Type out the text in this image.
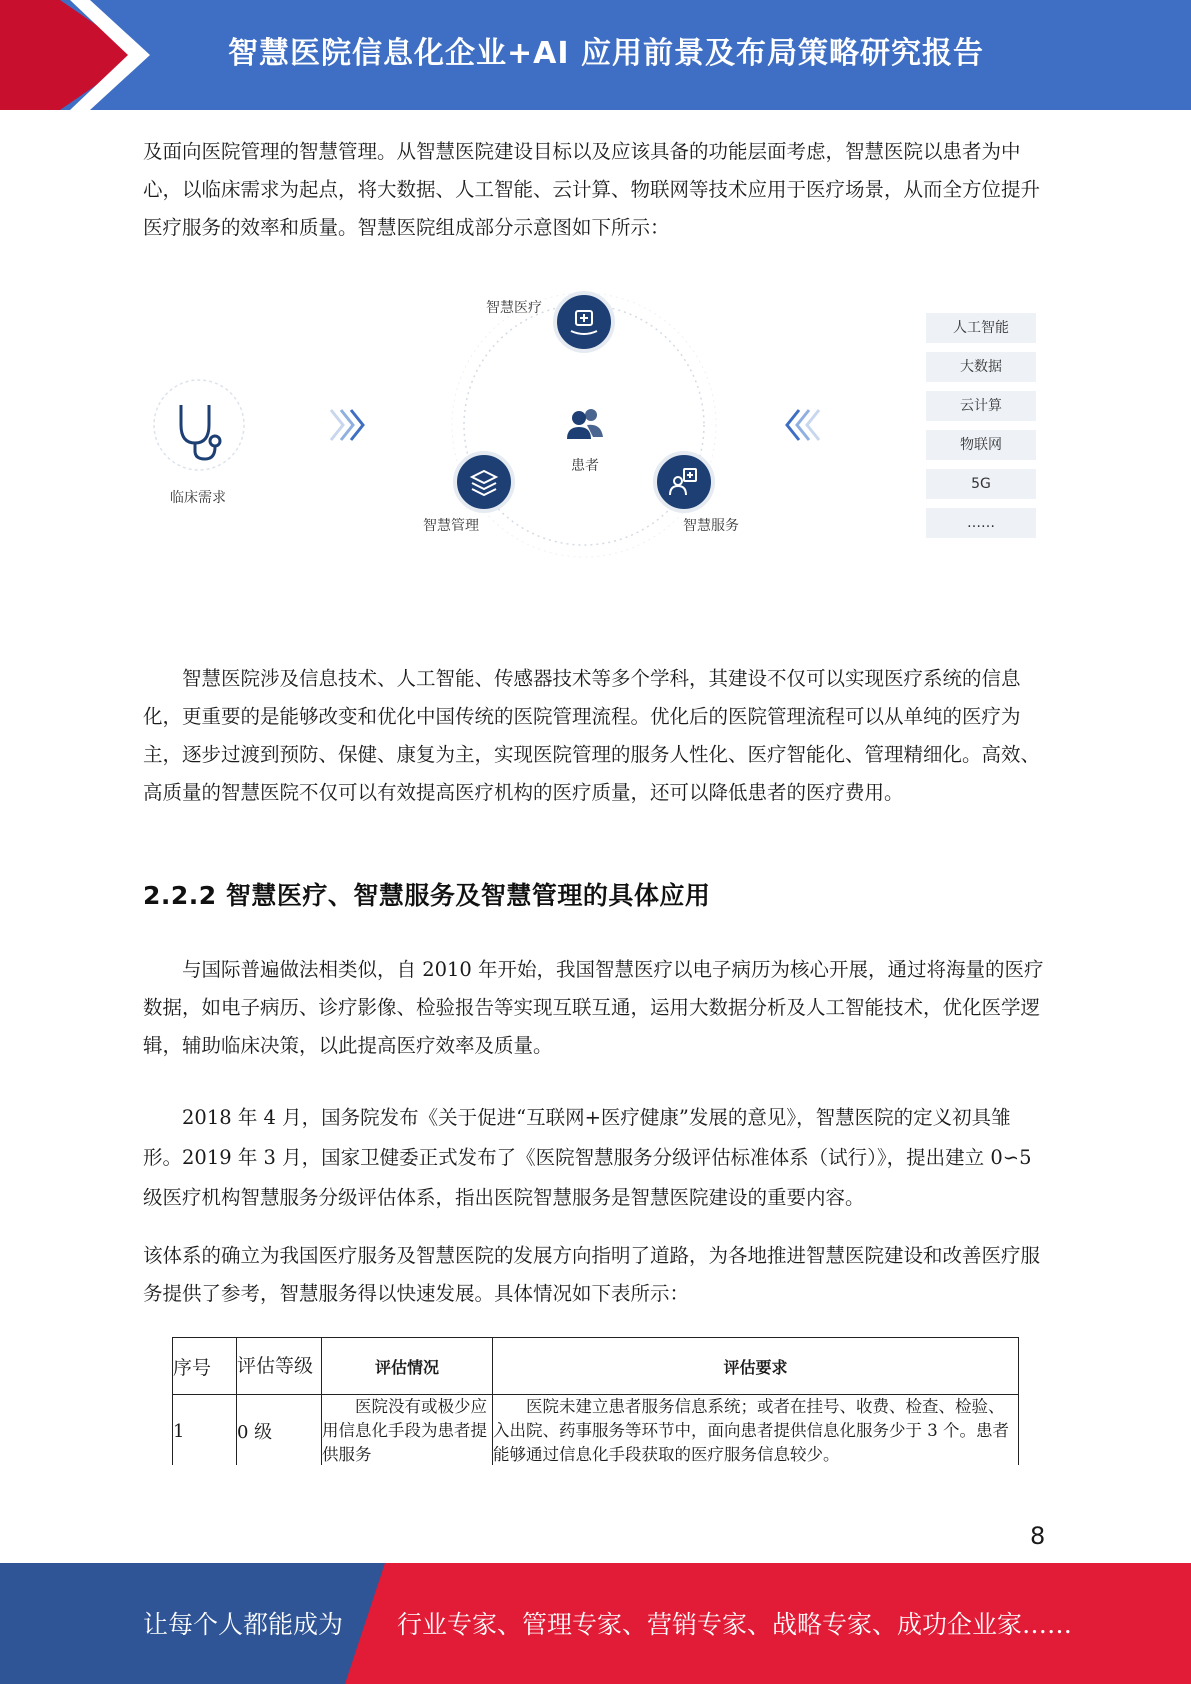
智慧医院信息化企业+AI 应用前景及布局策略研究报告
及面向医院管理的智慧管理。从智慧医院建设目标以及应该具备的功能层面考虑，智慧医院以患者为中心，以临床需求为起点，将大数据、人工智能、云计算、物联网等技术应用于医疗场景，从而全方位提升医疗服务的效率和质量。智慧医院组成部分示意图如下所示：
临床需求
智慧医疗
患者
智慧管理	智慧服务
人工智能
大数据
云计算
物联网
5G
……
智慧医院涉及信息技术、人工智能、传感器技术等多个学科，其建设不仅可以实现医疗系统的信息化，更重要的是能够改变和优化中国传统的医院管理流程。优化后的医院管理流程可以从单纯的医疗为主，逐步过渡到预防、保健、康复为主，实现医院管理的服务人性化、医疗智能化、管理精细化。高效、高质量的智慧医院不仅可以有效提高医疗机构的医疗质量，还可以降低患者的医疗费用。
2.2.2 智慧医疗、智慧服务及智慧管理的具体应用
与国际普遍做法相类似，自 2010 年开始，我国智慧医疗以电子病历为核心开展，通过将海量的医疗数据，如电子病历、诊疗影像、检验报告等实现互联互通，运用大数据分析及人工智能技术，优化医学逻辑，辅助临床决策，以此提高医疗效率及质量。
2018 年 4 月，国务院发布《关于促进“互联网+医疗健康”发展的意见》，智慧医院的定义初具雏形。2019 年 3 月，国家卫健委正式发布了《医院智慧服务分级评估标准体系（试行）》，提出建立 0∽5 级医疗机构智慧服务分级评估体系，指出医院智慧服务是智慧医院建设的重要内容。
该体系的确立为我国医疗服务及智慧医院的发展方向指明了道路，为各地推进智慧医院建设和改善医疗服务提供了参考，智慧服务得以快速发展。具体情况如下表所示：
序号	评估等级	评估情况	评估要求
1	0 级	医院没有或极少应用信息化手段为患者提供服务	医院未建立患者服务信息系统；或者在挂号、收费、检查、检验、入出院、药事服务等环节中，面向患者提供信息化服务少于 3 个。患者能够通过信息化手段获取的医疗服务信息较少。
8
让每个人都能成为 行业专家、管理专家、营销专家、战略专家、成功企业家……
